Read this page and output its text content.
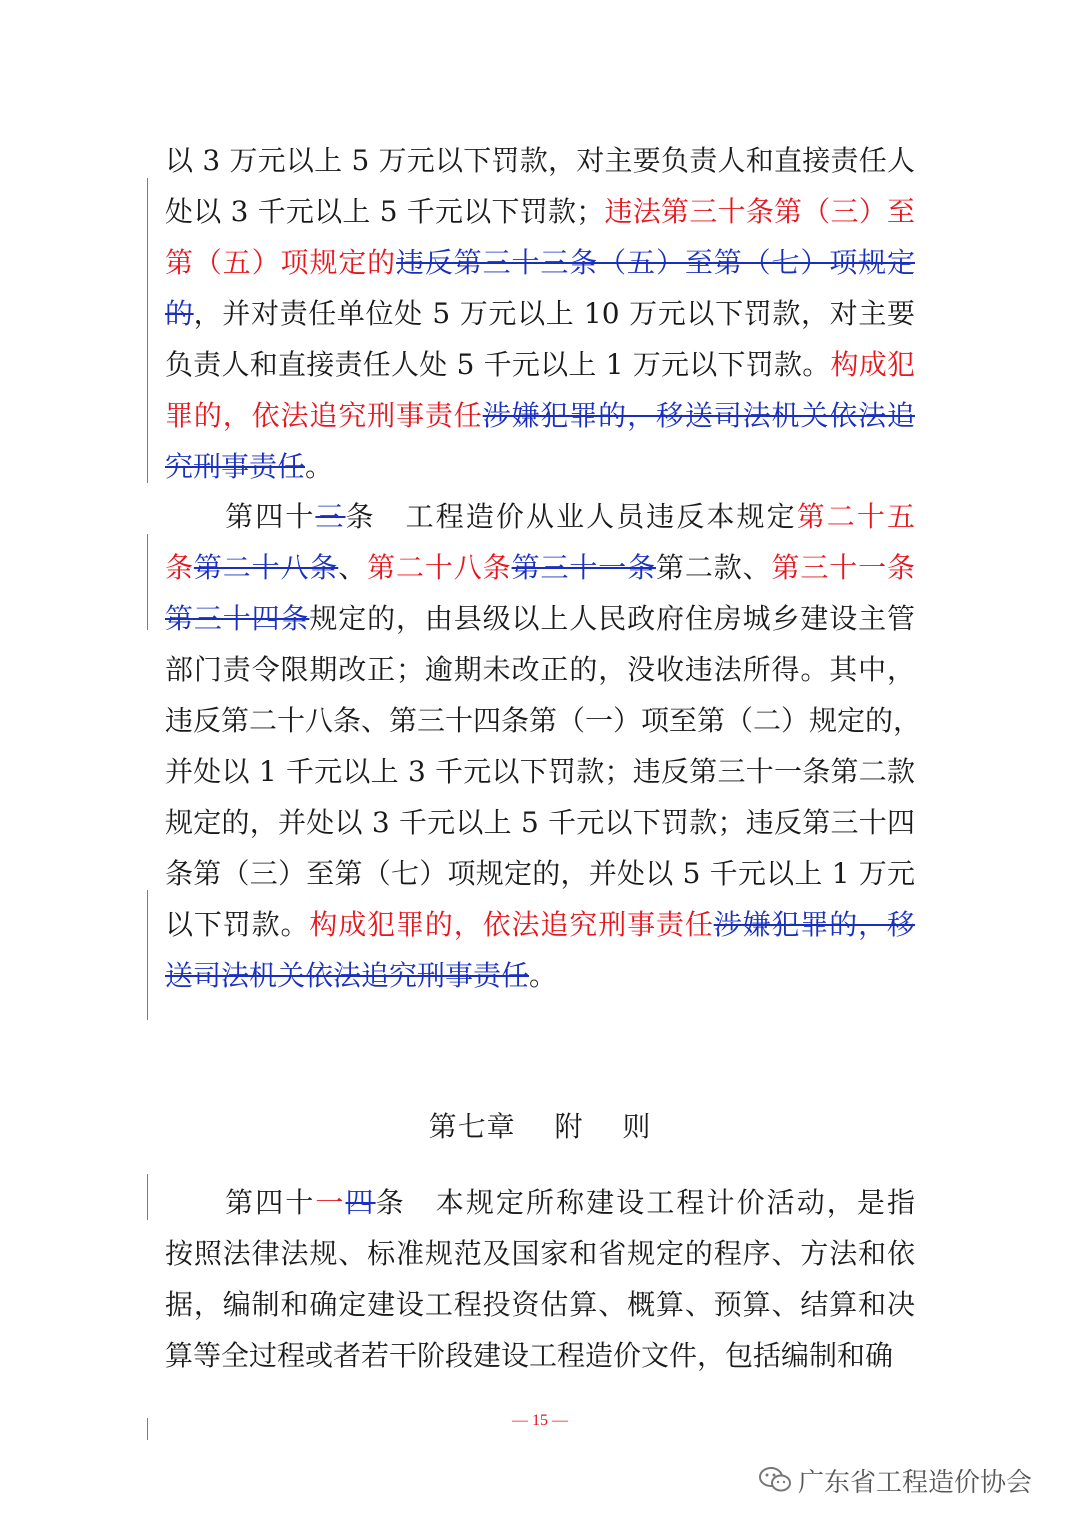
以 3 万元以上 5 万元以下罚款，对主要负责人和直接责任人
处以 3 千元以上 5 千元以下罚款；违法第三十条第（三）至
第（五）项规定的违反第三十三条（五）至第（七）项规定
的，并对责任单位处 5 万元以上 10 万元以下罚款，对主要
负责人和直接责任人处 5 千元以上 1 万元以下罚款。构成犯
罪的，依法追究刑事责任涉嫌犯罪的，移送司法机关依法追
究刑事责任。
　　第四十三条　工程造价从业人员违反本规定第二十五
条第二十八条、第二十八条第三十一条第二款、第三十一条
第三十四条规定的，由县级以上人民政府住房城乡建设主管
部门责令限期改正；逾期未改正的，没收违法所得。其中，
违反第二十八条、第三十四条第（一）项至第（二）规定的，
并处以 1 千元以上 3 千元以下罚款；违反第三十一条第二款
规定的，并处以 3 千元以上 5 千元以下罚款；违反第三十四
条第（三）至第（七）项规定的，并处以 5 千元以上 1 万元
以下罚款。构成犯罪的，依法追究刑事责任涉嫌犯罪的，移
送司法机关依法追究刑事责任。
第七章　 附　 则
　　第四十一四条　本规定所称建设工程计价活动，是指
按照法律法规、标准规范及国家和省规定的程序、方法和依
据，编制和确定建设工程投资估算、概算、预算、结算和决
算等全过程或者若干阶段建设工程造价文件，包括编制和确
— 15 —
广东省工程造价协会
